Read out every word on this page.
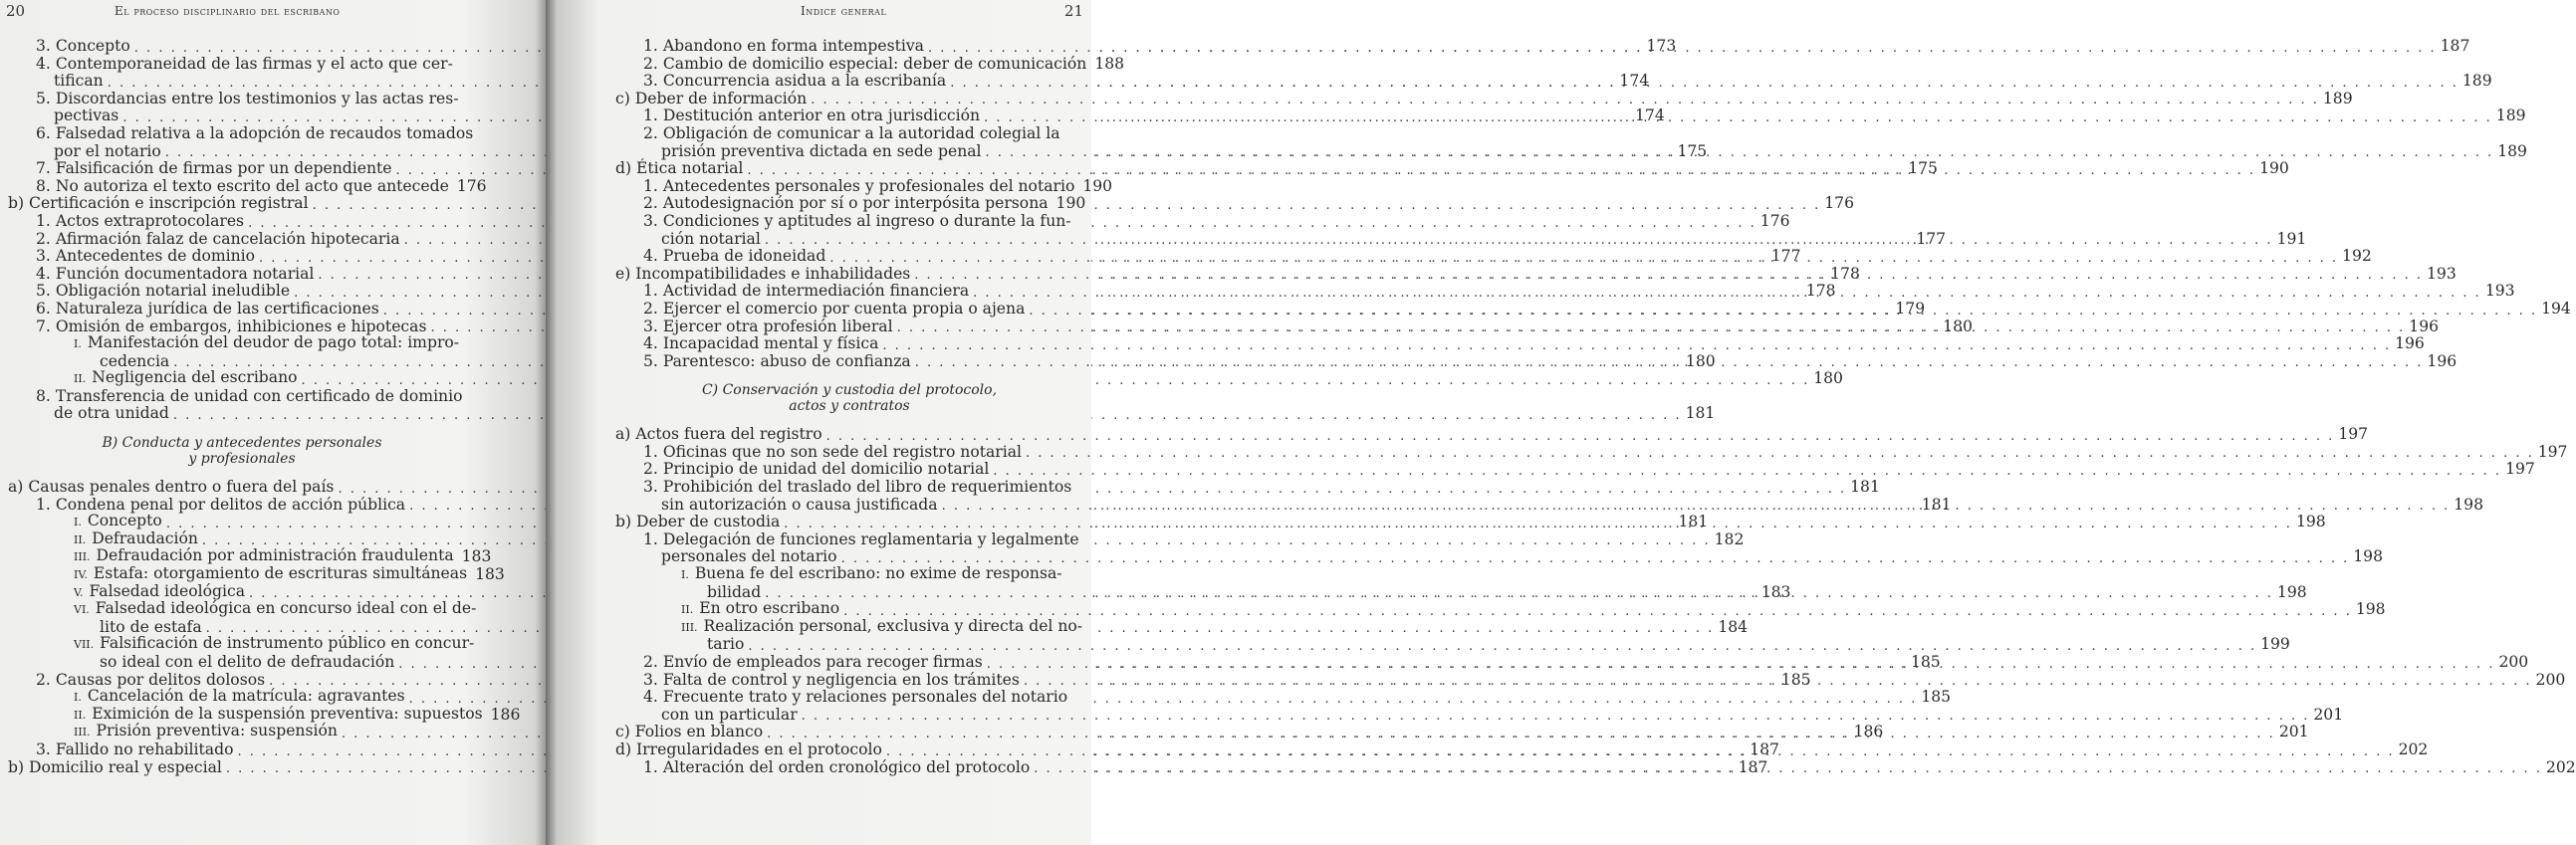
20	El proceso disciplinario del escribano
3. Concepto . . .	173
4. Contemporaneidad de las firmas y el acto que cer-
tifican . . .	174
5. Discordancias entre los testimonios y las actas res-
pectivas . . .	174
6. Falsedad relativa a la adopción de recaudos tomados
por el notario . . .	175
7. Falsificación de firmas por un dependiente . . .	175
8. No autoriza el texto escrito del acto que antecede 176
b) Certificación e inscripción registral . . .	176
1. Actos extraprotocolares . . .	176
2. Afirmación falaz de cancelación hipotecaria . . .	177
3. Antecedentes de dominio . . .	177
4. Función documentadora notarial . . .	178
5. Obligación notarial ineludible . . .	178
6. Naturaleza jurídica de las certificaciones . . .	179
7. Omisión de embargos, inhibiciones e hipotecas . . .	180
I. Manifestación del deudor de pago total: impro-
cedencia . . .	180
II. Negligencia del escribano . . .	180
8. Transferencia de unidad con certificado de dominio
de otra unidad . . .	181
B) Conducta y antecedentes personales
y profesionales
a) Causas penales dentro o fuera del país . . .	181
1. Condena penal por delitos de acción pública . . .	181
I. Concepto . . .	181
II. Defraudación . . .	182
III. Defraudación por administración fraudulenta 183
IV. Estafa: otorgamiento de escrituras simultáneas 183
V. Falsedad ideológica . . .	183
VI. Falsedad ideológica en concurso ideal con el de-
lito de estafa . . .	184
VII. Falsificación de instrumento público en concur-
so ideal con el delito de defraudación . . .	185
2. Causas por delitos dolosos . . .	185
I. Cancelación de la matrícula: agravantes . . .	185
II. Eximición de la suspensión preventiva: supuestos 186
III. Prisión preventiva: suspensión . . .	186
3. Fallido no rehabilitado . . .	187
b) Domicilio real y especial . . .	187
Indice general	21
1. Abandono en forma intempestiva . . .	187
2. Cambio de domicilio especial: deber de comunicación 188
3. Concurrencia asidua a la escribanía . . .	189
c) Deber de información . . .	189
1. Destitución anterior en otra jurisdicción . . .	189
2. Obligación de comunicar a la autoridad colegial la
prisión preventiva dictada en sede penal . . .	189
d) Ética notarial . . .	190
1. Antecedentes personales y profesionales del notario 190
2. Autodesignación por sí o por interpósita persona 190
3. Condiciones y aptitudes al ingreso o durante la fun-
ción notarial . . .	191
4. Prueba de idoneidad . . .	192
e) Incompatibilidades e inhabilidades . . .	193
1. Actividad de intermediación financiera . . .	193
2. Ejercer el comercio por cuenta propia o ajena . . .	194
3. Ejercer otra profesión liberal . . .	196
4. Incapacidad mental y física . . .	196
5. Parentesco: abuso de confianza . . .	196
C) Conservación y custodia del protocolo,
actos y contratos
a) Actos fuera del registro . . .	197
1. Oficinas que no son sede del registro notarial . . .	197
2. Principio de unidad del domicilio notarial . . .	197
3. Prohibición del traslado del libro de requerimientos
sin autorización o causa justificada . . .	198
b) Deber de custodia . . .	198
1. Delegación de funciones reglamentaria y legalmente
personales del notario . . .	198
I. Buena fe del escribano: no exime de responsa-
bilidad . . .	198
II. En otro escribano . . .	198
III. Realización personal, exclusiva y directa del no-
tario . . .	199
2. Envío de empleados para recoger firmas . . .	200
3. Falta de control y negligencia en los trámites . . .	200
4. Frecuente trato y relaciones personales del notario
con un particular . . .	201
c) Folios en blanco . . .	201
d) Irregularidades en el protocolo . . .	202
1. Alteración del orden cronológico del protocolo . . .	202
